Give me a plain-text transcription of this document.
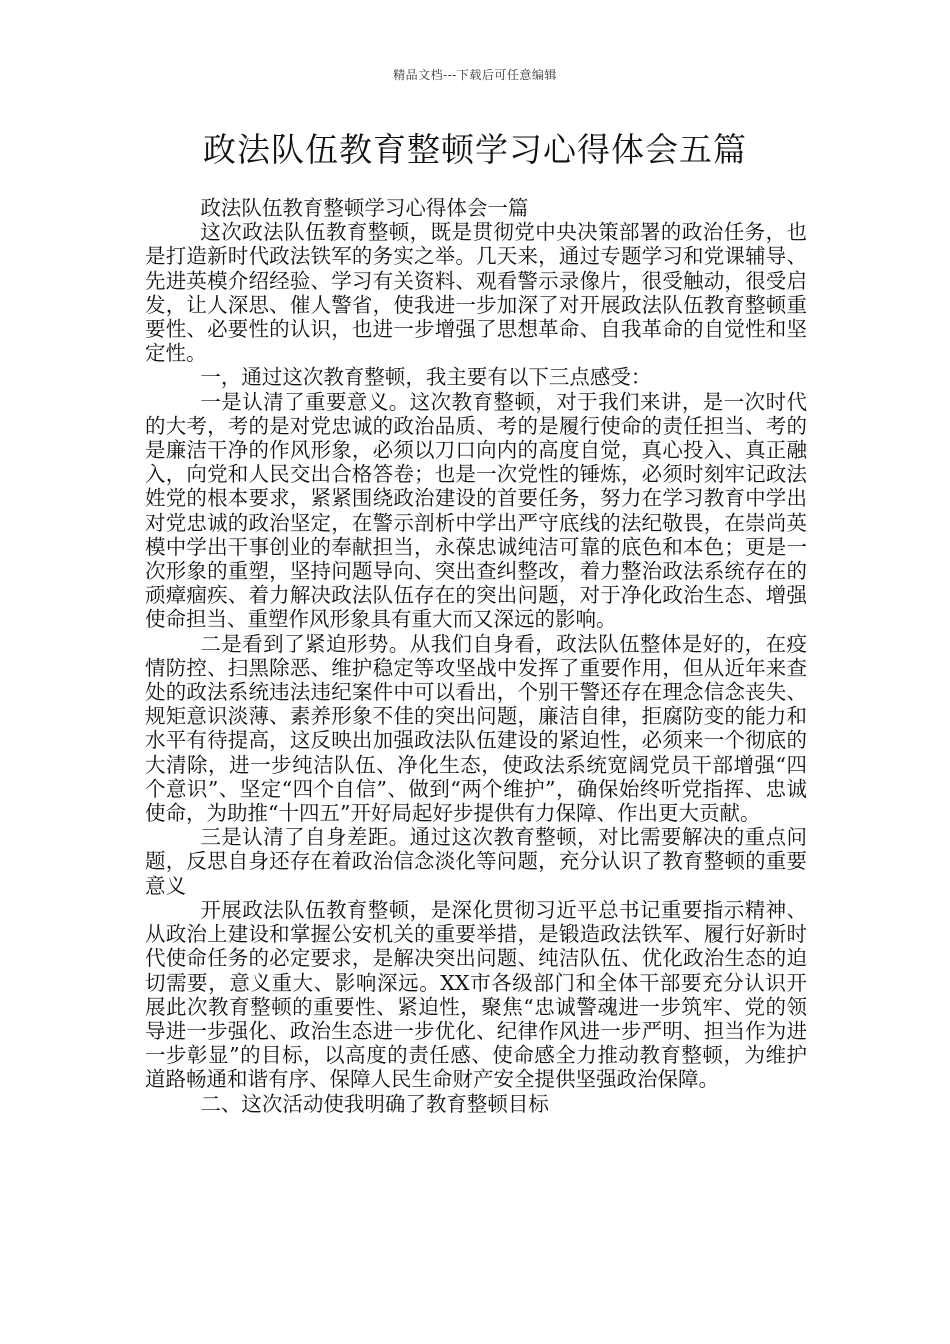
精品文档---下载后可任意编辑
政法队伍教育整顿学习心得体会五篇

政法队伍教育整顿学习心得体会一篇

这次政法队伍教育整顿，既是贯彻党中央决策部署的政治任务，也是打造新时代政法铁军的务实之举。几天来，通过专题学习和党课辅导、先进英模介绍经验、学习有关资料、观看警示录像片，很受触动，很受启发，让人深思、催人警省，使我进一步加深了对开展政法队伍教育整顿重要性、必要性的认识，也进一步增强了思想革命、自我革命的自觉性和坚定性。

一，通过这次教育整顿，我主要有以下三点感受：

一是认清了重要意义。这次教育整顿，对于我们来讲，是一次时代的大考，考的是对党忠诚的政治品质、考的是履行使命的责任担当、考的是廉洁干净的作风形象，必须以刀口向内的高度自觉，真心投入、真正融入，向党和人民交出合格答卷；也是一次党性的锤炼，必须时刻牢记政法姓党的根本要求，紧紧围绕政治建设的首要任务，努力在学习教育中学出对党忠诚的政治坚定，在警示剖析中学出严守底线的法纪敬畏，在崇尚英模中学出干事创业的奉献担当，永葆忠诚纯洁可靠的底色和本色；更是一次形象的重塑，坚持问题导向、突出查纠整改，着力整治政法系统存在的顽瘴痼疾、着力解决政法队伍存在的突出问题，对于净化政治生态、增强使命担当、重塑作风形象具有重大而又深远的影响。

二是看到了紧迫形势。从我们自身看，政法队伍整体是好的，在疫情防控、扫黑除恶、维护稳定等攻坚战中发挥了重要作用，但从近年来查处的政法系统违法违纪案件中可以看出，个别干警还存在理念信念丧失、规矩意识淡薄、素养形象不佳的突出问题，廉洁自律，拒腐防变的能力和水平有待提高，这反映出加强政法队伍建设的紧迫性，必须来一个彻底的大清除，进一步纯洁队伍、净化生态，使政法系统宽阔党员干部增强“四个意识”、坚定“四个自信”、做到“两个维护”，确保始终听党指挥、忠诚使命，为助推“十四五”开好局起好步提供有力保障、作出更大贡献。

三是认清了自身差距。通过这次教育整顿，对比需要解决的重点问题，反思自身还存在着政治信念淡化等问题，充分认识了教育整顿的重要意义

开展政法队伍教育整顿，是深化贯彻习近平总书记重要指示精神、从政治上建设和掌握公安机关的重要举措，是锻造政法铁军、履行好新时代使命任务的必定要求，是解决突出问题、纯洁队伍、优化政治生态的迫切需要，意义重大、影响深远。XX市各级部门和全体干部要充分认识开展此次教育整顿的重要性、紧迫性，聚焦“忠诚警魂进一步筑牢、党的领导进一步强化、政治生态进一步优化、纪律作风进一步严明、担当作为进一步彰显”的目标，以高度的责任感、使命感全力推动教育整顿，为维护道路畅通和谐有序、保障人民生命财产安全提供坚强政治保障。

二、这次活动使我明确了教育整顿目标
